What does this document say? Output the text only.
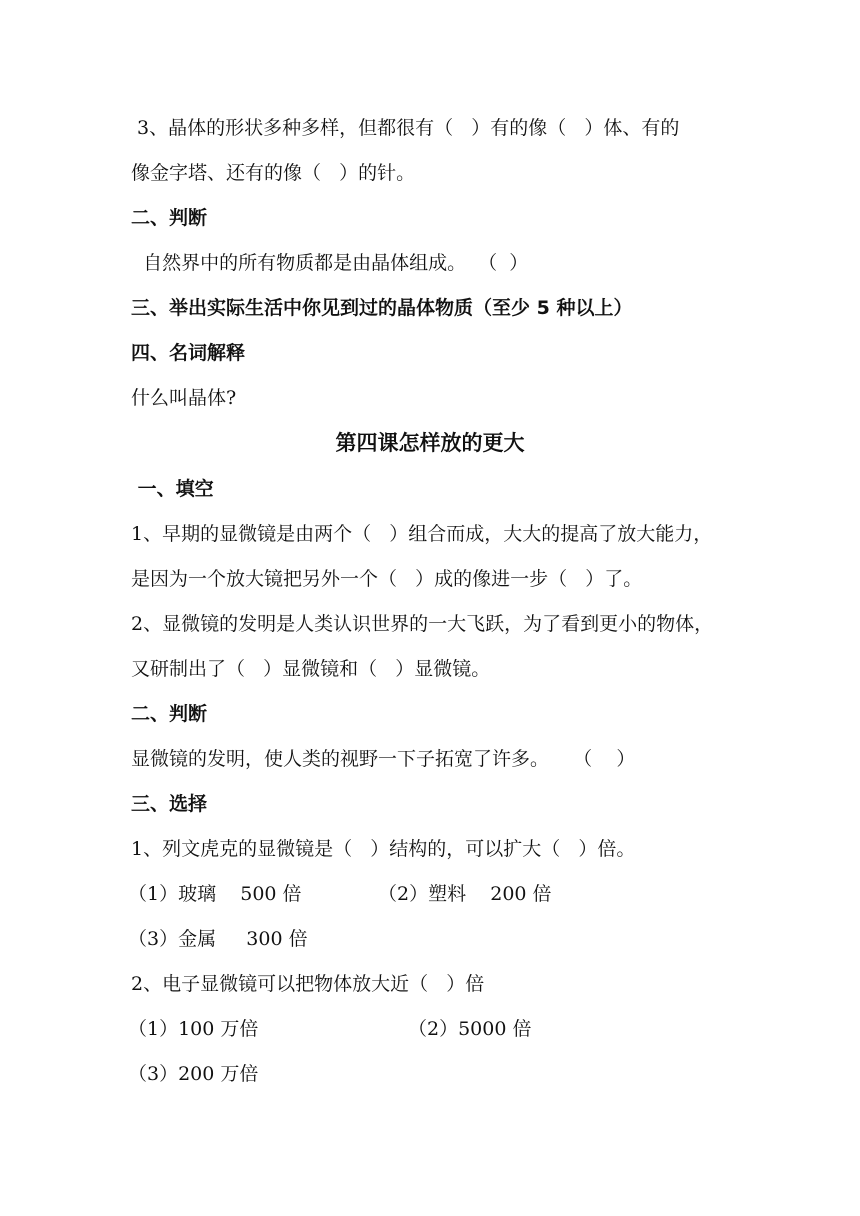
3、晶体的形状多种多样，但都很有（   ）有的像（   ）体、有的
像金字塔、还有的像（   ）的针。
二、判断
自然界中的所有物质都是由晶体组成。  （  ）
三、举出实际生活中你见到过的晶体物质（至少 5 种以上）
四、名词解释
什么叫晶体?
第四课怎样放的更大
一、填空
1、早期的显微镜是由两个（   ）组合而成，大大的提高了放大能力，
是因为一个放大镜把另外一个（   ）成的像进一步（   ）了。
2、显微镜的发明是人类认识世界的一大飞跃，为了看到更小的物体，
又研制出了（   ）显微镜和（   ）显微镜。
二、判断
显微镜的发明，使人类的视野一下子拓宽了许多。    （    ）
三、选择
1、列文虎克的显微镜是（   ）结构的，可以扩大（   ）倍。
（1）玻璃    500 倍	（2）塑料    200 倍
（3）金属     300 倍
2、电子显微镜可以把物体放大近（   ）倍
（1）100 万倍	（2）5000 倍
（3）200 万倍
